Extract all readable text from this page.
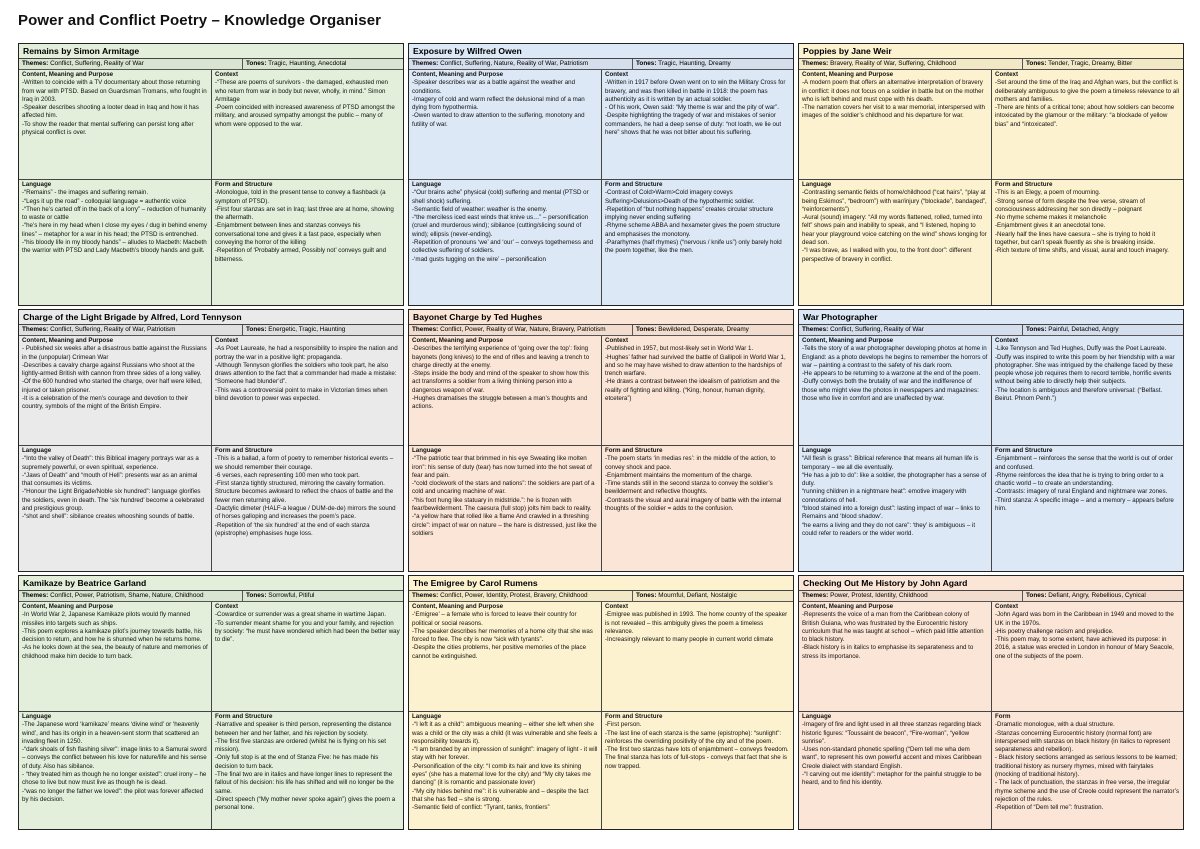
Power and Conflict Poetry – Knowledge Organiser
Remains by Simon Armitage
Themes: Conflict, Suffering, Reality of War	Tones: Tragic, Haunting, Anecdotal
Content, Meaning and Purpose
-Written to coincide with a TV documentary about those returning from war with PTSD. Based on Guardsman Tromans, who fought in Iraq in 2003.
-Speaker describes shooting a looter dead in Iraq and how it has affected him.
-To show the reader that mental suffering can persist long after physical conflict is over.
Context
-“These are poems of survivors - the damaged, exhausted men who return from war in body but never, wholly, in mind.” Simon Armitage
-Poem coincided with increased awareness of PTSD amongst the military, and aroused sympathy amongst the public – many of whom were opposed to the war.
Language
-“Remains” - the images and suffering remain.
-“Legs it up the road” - colloquial language = authentic voice
-“Then he’s carted off in the back of a lorry” – reduction of humanity to waste or cattle
-“he’s here in my head when I close my eyes / dug in behind enemy lines” – metaphor for a war in his head; the PTSD is entrenched.
-“his bloody life in my bloody hands” – alludes to Macbeth: Macbeth the warrior with PTSD and Lady Macbeth’s bloody hands and guilt.
Form and Structure
-Monologue, told in the present tense to convey a flashback (a symptom of PTSD).
-First four stanzas are set in Iraq; last three are at home, showing the aftermath.
-Enjambment between lines and stanzas conveys his conversational tone and gives it a fast pace, especially when conveying the horror of the killing
-Repetition of ‘Probably armed, Possibly not’ conveys guilt and bitterness.
Exposure by Wilfred Owen
Themes: Conflict, Suffering, Nature, Reality of War, Patriotism	Tones: Tragic, Haunting, Dreamy
Content, Meaning and Purpose
-Speaker describes war as a battle against the weather and conditions.
-Imagery of cold and warm reflect the delusional mind of a man dying from hypothermia.
-Owen wanted to draw attention to the suffering, monotony and futility of war.
Context
-Written in 1917 before Owen went on to win the Military Cross for bravery, and was then killed in battle in 1918: the poem has authenticity as it is written by an actual soldier.
- Of his work, Owen said: “My theme is war and the pity of war”.
-Despite highlighting the tragedy of war and mistakes of senior commanders, he had a deep sense of duty: “not loath, we lie out here” shows that he was not bitter about his suffering.
Language
-“Our brains ache” physical (cold) suffering and mental (PTSD or shell shock) suffering.
-Semantic field of weather: weather is the enemy.
-“the merciless iced east winds that knive us…” – personification (cruel and murderous wind); sibilance (cutting/slicing sound of wind); ellipsis (never-ending).
-Repetition of pronouns ‘we’ and ‘our’ – conveys togetherness and collective suffering of soldiers.
-‘mad gusts tugging on the wire’ – personification
Form and Structure
-Contrast of Cold>Warm>Cold imagery coveys Suffering>Delusions>Death of the hypothermic soldier.
-Repetition of “but nothing happens” creates circular structure implying never ending suffering
-Rhyme scheme ABBA and hexameter gives the poem structure and emphasises the monotony.
-Pararhymes (half rhymes) (“nervous / knife us”) only barely hold the poem together, like the men.
Poppies by Jane Weir
Themes: Bravery, Reality of War, Suffering, Childhood	Tones: Tender, Tragic, Dreamy, Bitter
Content, Meaning and Purpose
-A modern poem that offers an alternative interpretation of bravery in conflict: it does not focus on a soldier in battle but on the mother who is left behind and must cope with his death.
-The narration covers her visit to a war memorial, interspersed with images of the soldier’s childhood and his departure for war.
Context
-Set around the time of the Iraq and Afghan wars, but the conflict is deliberately ambiguous to give the poem a timeless relevance to all mothers and families.
-There are hints of a critical tone; about how soldiers can become intoxicated by the glamour or the military: “a blockade of yellow bias” and “intoxicated”.
Language
-Contrasting semantic fields of home/childhood (“cat hairs”, “play at being Eskimos”, “bedroom”) with war/injury (“blockade”, bandaged”, “reinforcements”)
-Aural (sound) imagery: “All my words flattened, rolled, turned into felt” shows pain and inability to speak, and “I listened, hoping to hear your playground voice catching on the wind” shows longing for dead son.
-“I was brave, as I walked with you, to the front door”: different perspective of bravery in conflict.
Form and Structure
-This is an Elegy, a poem of mourning.
-Strong sense of form despite the free verse, stream of consciousness addressing her son directly – poignant
-No rhyme scheme makes it melancholic
-Enjambment gives it an anecdotal tone.
-Nearly half the lines have caesura – she is trying to hold it together, but can’t speak fluently as she is breaking inside.
-Rich texture of time shifts, and visual, aural and touch imagery.
Charge of the Light Brigade by Alfred, Lord Tennyson
Themes: Conflict, Suffering, Reality of War, Patriotism	Tones: Energetic, Tragic, Haunting
Content, Meaning and Purpose
- Published six weeks after a disastrous battle against the Russians in the (unpopular) Crimean War
-Describes a cavalry charge against Russians who shoot at the lightly-armed British with cannon from three sides of a long valley.
-Of the 600 hundred who started the charge, over half were killed, injured or taken prisoner.
-It is a celebration of the men’s courage and devotion to their country, symbols of the might of the British Empire.
Context
-As Poet Laureate, he had a responsibility to inspire the nation and portray the war in a positive light: propaganda.
-Although Tennyson glorifies the soldiers who took part, he also draws attention to the fact that a commander had made a mistake: “Someone had blunder’d”.
-This was a controversial point to make in Victorian times when blind devotion to power was expected.
Language
-“Into the valley of Death”: this Biblical imagery portrays war as a supremely powerful, or even spiritual, experience.
-“Jaws of Death” and “mouth of Hell”: presents war as an animal that consumes its victims.
-“Honour the Light Brigade/Noble six hundred”: language glorifies the soldiers, even in death. The ‘six hundred’ become a celebrated and prestigious group.
-“shot and shell”: sibilance creates whooshing sounds of battle.
Form and Structure
-This is a ballad, a form of poetry to remember historical events – we should remember their courage.
-6 verses, each representing 100 men who took part.
-First stanza tightly structured, mirroring the cavalry formation. Structure becomes awkward to reflect the chaos of battle and the fewer men returning alive.
-Dactylic dimeter (HALF-a league / DUM-de-de) mirrors the sound of horses galloping and increases the poem’s pace.
-Repetition of ‘the six hundred’ at the end of each stanza (epistrophe) emphasises huge loss.
Bayonet Charge by Ted Hughes
Themes: Conflict, Power, Reality of War, Nature, Bravery, Patriotism	Tones: Bewildered, Desperate, Dreamy
Content, Meaning and Purpose
-Describes the terrifying experience of ‘going over the top’: fixing bayonets (long knives) to the end of rifles and leaving a trench to charge directly at the enemy.
-Steps inside the body and mind of the speaker to show how this act transforms a soldier from a living thinking person into a dangerous weapon of war.
-Hughes dramatises the struggle between a man’s thoughts and actions.
Context
-Published in 1957, but most-likely set in World War 1.
-Hughes’ father had survived the battle of Gallipoli in World War 1, and so he may have wished to draw attention to the hardships of trench warfare.
-He draws a contrast between the idealism of patriotism and the reality of fighting and killing. (“King, honour, human dignity, etcetera”)
Language
-“The patriotic tear that brimmed in his eye Sweating like molten iron”: his sense of duty (tear) has now turned into the hot sweat of fear and pain.
-“cold clockwork of the stars and nations”: the soldiers are part of a cold and uncaring machine of war.
-“his foot hung like statuary in midstride.”: he is frozen with fear/bewilderment. The caesura (full stop) jolts him back to reality.
-“a yellow hare that rolled like a flame And crawled in a threshing circle”: impact of war on nature – the hare is distressed, just like the soldiers
Form and Structure
-The poem starts ‘in medias res’: in the middle of the action, to convey shock and pace.
-Enjambment maintains the momentum of the charge.
-Time stands still in the second stanza to convey the soldier’s bewilderment and reflective thoughts.
-Contrasts the visual and aural imagery of battle with the internal thoughts of the soldier = adds to the confusion.
War Photographer
Themes: Conflict, Suffering, Reality of War	Tones: Painful, Detached, Angry
Content, Meaning and Purpose
-Tells the story of a war photographer developing photos at home in England: as a photo develops he begins to remember the horrors of war – painting a contrast to the safety of his dark room.
-He appears to be returning to a warzone at the end of the poem.
-Duffy conveys both the brutality of war and the indifference of those who might view the photos in newspapers and magazines: those who live in comfort and are unaffected by war.
Context
-Like Tennyson and Ted Hughes, Duffy was the Poet Laureate.
-Duffy was inspired to write this poem by her friendship with a war photographer. She was intrigued by the challenge faced by these people whose job requires them to record terrible, horrific events without being able to directly help their subjects.
-The location is ambiguous and therefore universal: (“Belfast. Beirut. Phnom Penh.”)
Language
“All flesh is grass”: Biblical reference that means all human life is temporary – we all die eventually.
“He has a job to do”: like a soldier, the photographer has a sense of duty.
“running children in a nightmare heat”: emotive imagery with connotations of hell.
“blood stained into a foreign dust”: lasting impact of war – links to Remains and ‘blood shadow’.
“he earns a living and they do not care”: ‘they’ is ambiguous – it could refer to readers or the wider world.
Form and Structure
-Enjambment – reinforces the sense that the world is out of order and confused.
-Rhyme reinforces the idea that he is trying to bring order to a chaotic world – to create an understanding.
-Contrasts: imagery of rural England and nightmare war zones.
-Third stanza: A specific image – and a memory – appears before him.
Kamikaze by Beatrice Garland
Themes: Conflict, Power, Patriotism, Shame, Nature, Childhood	Tones: Sorrowful, Pitiful
Content, Meaning and Purpose
-In World War 2, Japanese Kamikaze pilots would fly manned missiles into targets such as ships.
-This poem explores a kamikaze pilot’s journey towards battle, his decision to return, and how he is shunned when he returns home.
-As he looks down at the sea, the beauty of nature and memories of childhood make him decide to turn back.
Context
-Cowardice or surrender was a great shame in wartime Japan.
-To surrender meant shame for you and your family, and rejection by society: “he must have wondered which had been the better way to die”.
Language
-The Japanese word ‘kamikaze’ means ‘divine wind’ or ‘heavenly wind’, and has its origin in a heaven-sent storm that scattered an invading fleet in 1250.
-“dark shoals of fish flashing silver”: image links to a Samurai sword – conveys the conflict between his love for nature/life and his sense of duty. Also has sibilance.
- “they treated him as though he no longer existed”: cruel irony – he chose to live but now must live as though he is dead.
-“was no longer the father we loved”: the pilot was forever affected by his decision.
Form and Structure
-Narrative and speaker is third person, representing the distance between her and her father, and his rejection by society.
-The first five stanzas are ordered (whilst he is flying on his set mission).
-Only full stop is at the end of Stanza Five: he has made his decision to turn back.
-The final two are in italics and have longer lines to represent the fallout of his decision: his life has shifted and will no longer be the same.
-Direct speech (“My mother never spoke again”) gives the poem a personal tone.
The Emigree by Carol Rumens
Themes: Conflict, Power, Identity, Protest, Bravery, Childhood	Tones: Mournful, Defiant, Nostalgic
Content, Meaning and Purpose
-‘Emigree’ – a female who is forced to leave their country for political or social reasons.
-The speaker describes her memories of a home city that she was forced to flee. The city is now “sick with tyrants”.
-Despite the cities problems, her positive memories of the place cannot be extinguished.
Context
-Emigree was published in 1993. The home country of the speaker is not revealed – this ambiguity gives the poem a timeless relevance.
-Increasingly relevant to many people in current world climate
Language
-“I left it as a child”: ambiguous meaning – either she left when she was a child or the city was a child (it was vulnerable and she feels a responsibility towards it).
-“I am branded by an impression of sunlight”: imagery of light - it will stay with her forever.
-Personification of the city: “I comb its hair and love its shining eyes” (she has a maternal love for the city) and “My city takes me dancing” (it is romantic and passionate lover)
-“My city hides behind me”: it is vulnerable and – despite the fact that she has fled – she is strong.
-Semantic field of conflict: “Tyrant, tanks, frontiers”
Form and Structure
-First person.
-The last line of each stanza is the same (epistrophe): “sunlight”: reinforces the overriding positivity of the city and of the poem.
-The first two stanzas have lots of enjambment – conveys freedom. The final stanza has lots of full-stops - conveys that fact that she is now trapped.
Checking Out Me History by John Agard
Themes: Power, Protest, Identity, Childhood	Tones: Defiant, Angry, Rebellious, Cynical
Content, Meaning and Purpose
-Represents the voice of a man from the Caribbean colony of British Guiana, who was frustrated by the Eurocentric history curriculum that he was taught at school – which paid little attention to black history.
-Black history is in italics to emphasise its separateness and to stress its importance.
Context
-John Agard was born in the Caribbean in 1949 and moved to the UK in the 1970s.
-His poetry challenge racism and prejudice.
-This poem may, to some extent, have achieved its purpose: in 2016, a statue was erected in London in honour of Mary Seacole, one of the subjects of the poem.
Language
-Imagery of fire and light used in all three stanzas regarding black historic figures: “Toussaint de beacon”, “Fire-woman”, “yellow sunrise”.
-Uses non-standard phonetic spelling (“Dem tell me wha dem want”, to represent his own powerful accent and mixes Caribbean Creole dialect with standard English.
-“I carving out me identity”: metaphor for the painful struggle to be heard, and to find his identity.
Form
-Dramatic monologue, with a dual structure.
-Stanzas concerning Eurocentric history (normal font) are interspersed with stanzas on black history (in italics to represent separateness and rebellion).
- Black history sections arranged as serious lessons to be learned; traditional history as nursery rhymes, mixed with fairytales (mocking of traditional history).
- The lack of punctuation, the stanzas in free verse, the irregular rhyme scheme and the use of Creole could represent the narrator’s rejection of the rules.
-Repetition of “Dem tell me”: frustration.
